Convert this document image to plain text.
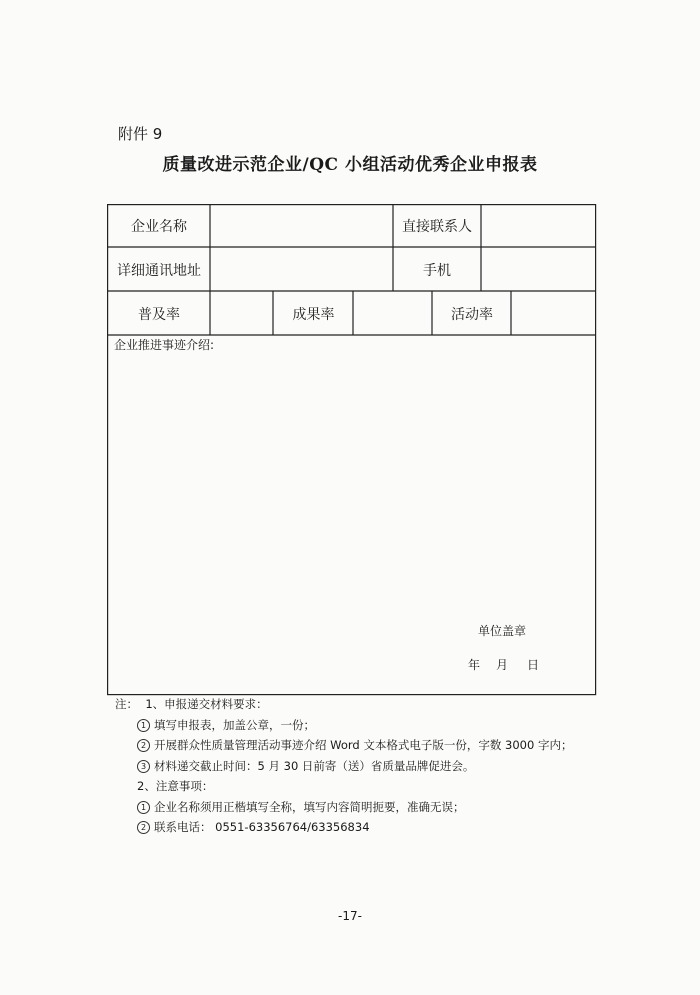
附件 9
质量改进示范企业/QC 小组活动优秀企业申报表
企业名称	直接联系人
详细通讯地址	手机
普及率	成果率	活动率
企业推进事迹介绍:
单位盖章
年 月 日
注： 1、申报递交材料要求：
1 填写申报表，加盖公章，一份；
2 开展群众性质量管理活动事迹介绍 Word 文本格式电子版一份，字数 3000 字内；
3 材料递交截止时间：5 月 30 日前寄（送）省质量品牌促进会。
2、注意事项：
1 企业名称须用正楷填写全称，填写内容简明扼要，准确无误；
2 联系电话： 0551-63356764/63356834
-17-
